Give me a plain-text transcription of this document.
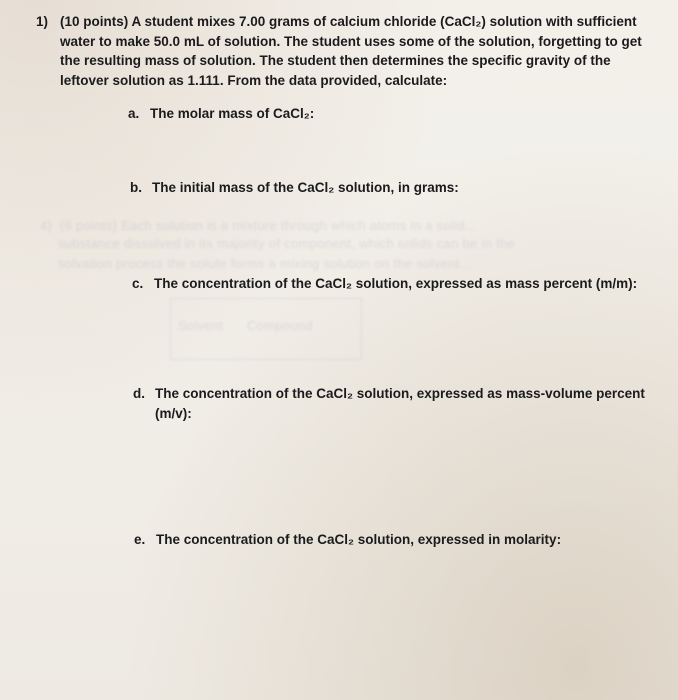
4)  (6 points) Each solution is a mixture through which atoms in a solid...
substance dissolved in its majority of component, which solids can be in the
solvation process the solute forms a mixing solution on the solvent...
Solvent      Compound
1) (10 points) A student mixes 7.00 grams of calcium chloride (CaCl₂) solution with sufficient
water to make 50.0 mL of solution. The student uses some of the solution, forgetting to get
the resulting mass of solution. The student then determines the specific gravity of the
leftover solution as 1.111. From the data provided, calculate:
a. The molar mass of CaCl₂:
b. The initial mass of the CaCl₂ solution, in grams:
c. The concentration of the CaCl₂ solution, expressed as mass percent (m/m):
d. The concentration of the CaCl₂ solution, expressed as mass-volume percent
(m/v):
e. The concentration of the CaCl₂ solution, expressed in molarity:
